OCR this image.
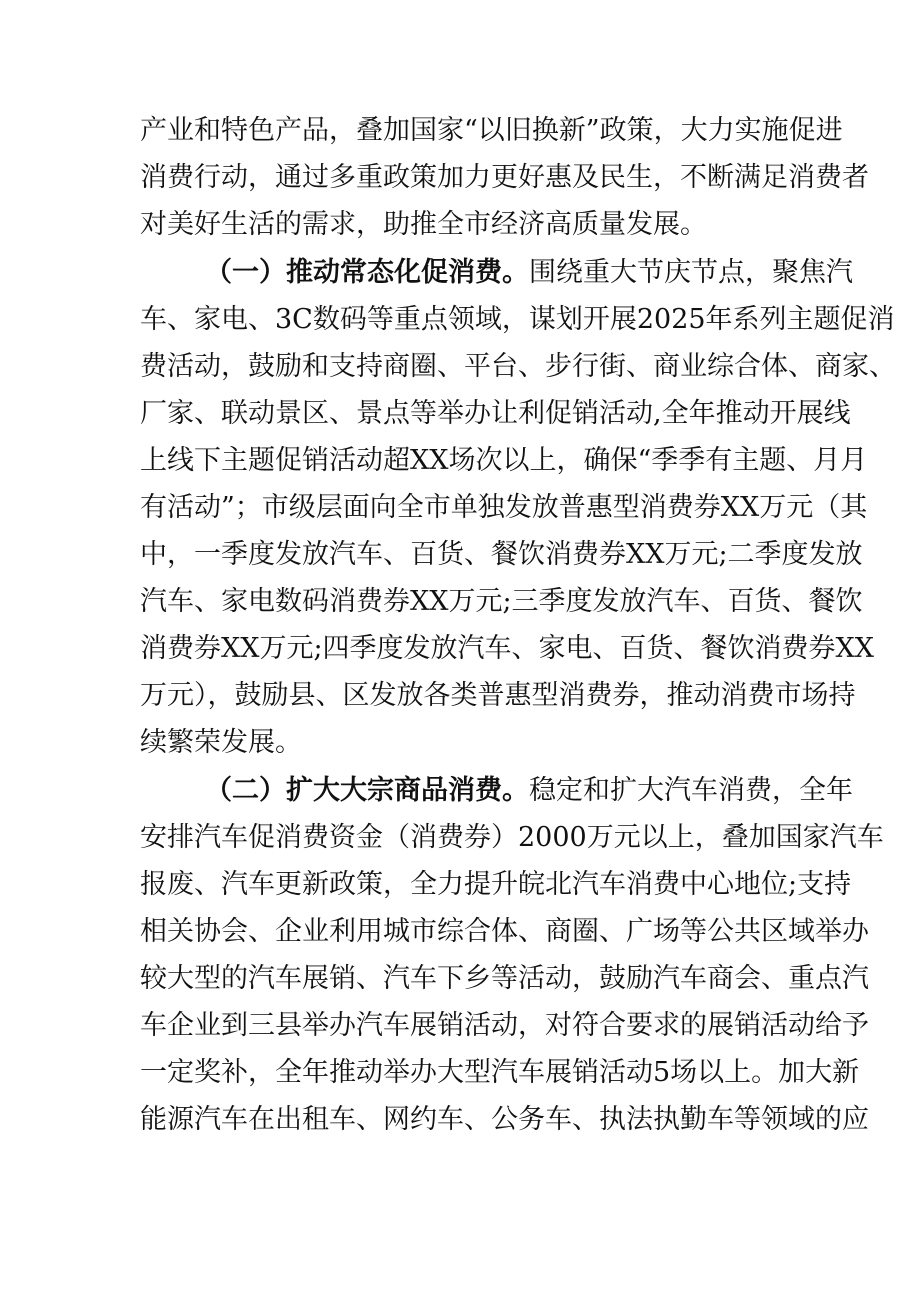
产业和特色产品，叠加国家“以旧换新”政策，大力实施促进
消费行动，通过多重政策加力更好惠及民生，不断满足消费者
对美好生活的需求，助推全市经济高质量发展。
（一）推动常态化促消费。围绕重大节庆节点，聚焦汽
车、家电、3C数码等重点领域，谋划开展2025年系列主题促消
费活动，鼓励和支持商圈、平台、步行街、商业综合体、商家、
厂家、联动景区、景点等举办让利促销活动,全年推动开展线
上线下主题促销活动超XX场次以上，确保“季季有主题、月月
有活动”；市级层面向全市单独发放普惠型消费券XX万元（其
中，一季度发放汽车、百货、餐饮消费券XX万元;二季度发放
汽车、家电数码消费券XX万元;三季度发放汽车、百货、餐饮
消费券XX万元;四季度发放汽车、家电、百货、餐饮消费券XX
万元），鼓励县、区发放各类普惠型消费券，推动消费市场持
续繁荣发展。
（二）扩大大宗商品消费。稳定和扩大汽车消费，全年
安排汽车促消费资金（消费券）2000万元以上，叠加国家汽车
报废、汽车更新政策，全力提升皖北汽车消费中心地位;支持
相关协会、企业利用城市综合体、商圈、广场等公共区域举办
较大型的汽车展销、汽车下乡等活动，鼓励汽车商会、重点汽
车企业到三县举办汽车展销活动，对符合要求的展销活动给予
一定奖补，全年推动举办大型汽车展销活动5场以上。加大新
能源汽车在出租车、网约车、公务车、执法执勤车等领域的应
